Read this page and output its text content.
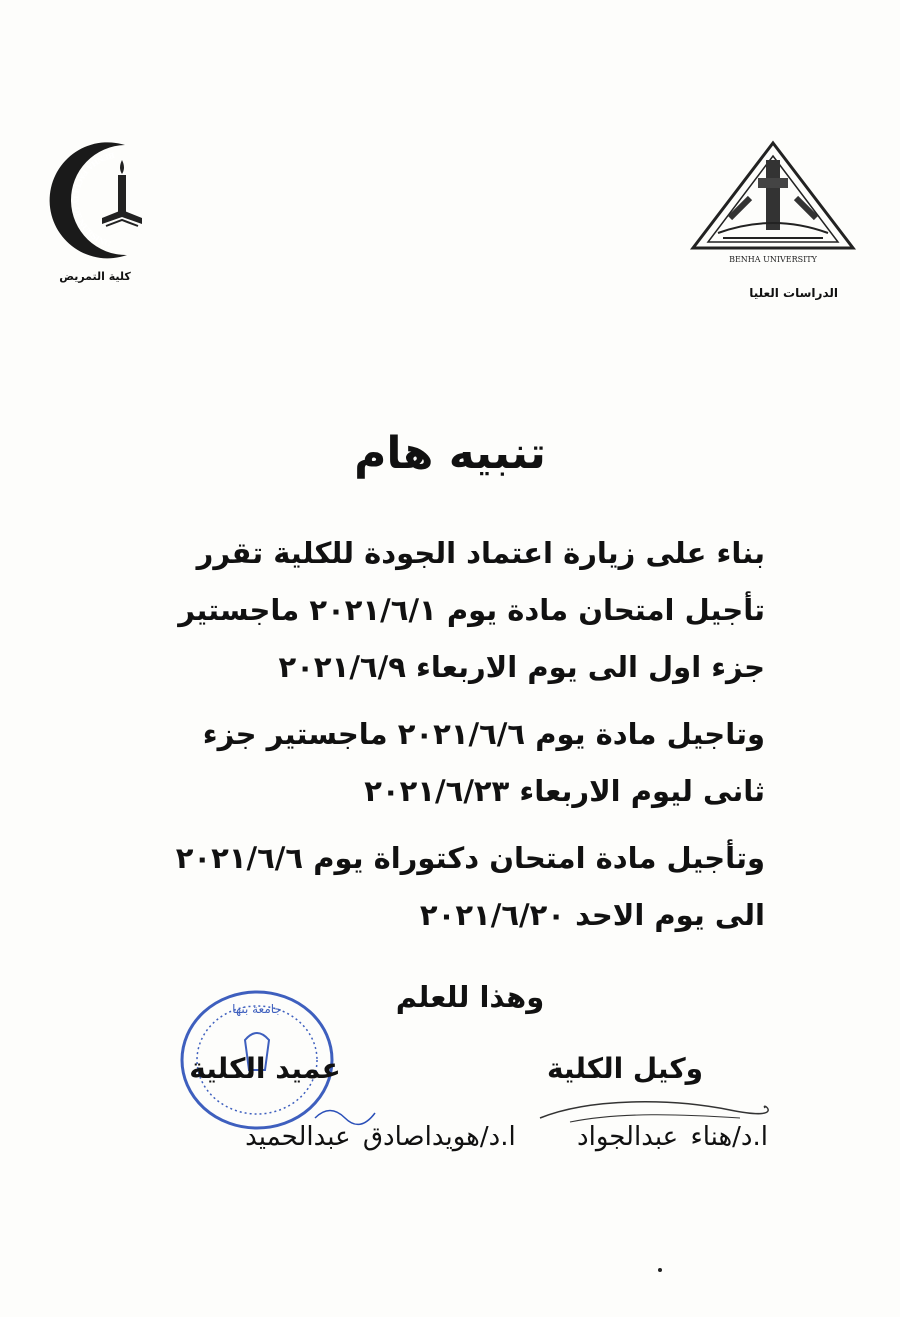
BENHA FACULTY OF NURSING
كلية التمريض
BENHA UNIVERSITY
الدراسات العليا
تنبيه هام

بناء على زيارة اعتماد الجودة للكلية تقرر

تأجيل امتحان مادة يوم ٢٠٢١/٦/١ ماجستير

جزء اول الى يوم الاربعاء ٢٠٢١/٦/٩

وتاجيل مادة يوم ٢٠٢١/٦/٦ ماجستير جزء

ثانى ليوم الاربعاء ٢٠٢١/٦/٢٣

وتأجيل مادة امتحان دكتوراة يوم ٢٠٢١/٦/٦

الى يوم الاحد ٢٠٢١/٦/٢٠

وهذا للعلم
جامعة بنها
وكيل الكلية
عميد الكلية
ا.د/هناء عبدالجواد     ا.د/هويداصادق عبدالحميد
